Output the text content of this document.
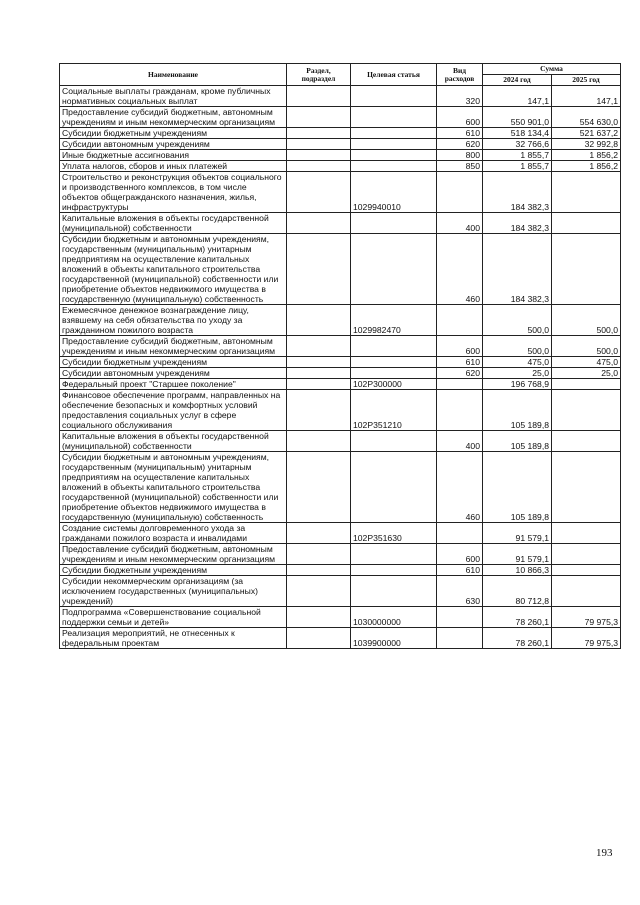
Наименование	Раздел, подраздел	Целевая статья	Вид расходов	Сумма	
				2024 год	2025 год
Социальные выплаты гражданам, кроме публичных нормативных социальных выплат			320	147,1	147,1
Предоставление субсидий бюджетным, автономным учреждениям и иным некоммерческим организациям			600	550 901,0	554 630,0
Субсидии бюджетным учреждениям			610	518 134,4	521 637,2
Субсидии автономным учреждениям			620	32 766,6	32 992,8
Иные бюджетные ассигнования			800	1 855,7	1 856,2
Уплата налогов, сборов и иных платежей			850	1 855,7	1 856,2
Строительство и реконструкция объектов социального и производственного комплексов, в том числе объектов общегражданского назначения, жилья, инфраструктуры		1029940010		184 382,3	
Капитальные вложения в объекты государственной (муниципальной) собственности			400	184 382,3	
Субсидии бюджетным и автономным учреждениям, государственным (муниципальным) унитарным предприятиям на осуществление капитальных вложений в объекты капитального строительства государственной (муниципальной) собственности или приобретение объектов недвижимого имущества в государственную (муниципальную) собственность			460	184 382,3	
Ежемесячное денежное вознаграждение лицу, взявшему на себя обязательства по уходу за гражданином пожилого возраста		1029982470		500,0	500,0
Предоставление субсидий бюджетным, автономным учреждениям и иным некоммерческим организациям			600	500,0	500,0
Субсидии бюджетным учреждениям			610	475,0	475,0
Субсидии автономным учреждениям			620	25,0	25,0
Федеральный проект "Старшее поколение"		102P300000		196 768,9	
Финансовое обеспечение программ, направленных на обеспечение безопасных и комфортных условий предоставления социальных услуг в сфере социального обслуживания		102P351210		105 189,8	
Капитальные вложения в объекты государственной (муниципальной) собственности			400	105 189,8	
Субсидии бюджетным и автономным учреждениям, государственным (муниципальным) унитарным предприятиям на осуществление капитальных вложений в объекты капитального строительства государственной (муниципальной) собственности или приобретение объектов недвижимого имущества в государственную (муниципальную) собственность			460	105 189,8	
Создание системы долговременного ухода за гражданами пожилого возраста и инвалидами		102P351630		91 579,1	
Предоставление субсидий бюджетным, автономным учреждениям и иным некоммерческим организациям			600	91 579,1	
Субсидии бюджетным учреждениям			610	10 866,3	
Субсидии некоммерческим организациям (за исключением государственных (муниципальных) учреждений)			630	80 712,8	
Подпрограмма «Совершенствование социальной поддержки семьи и детей»		1030000000		78 260,1	79 975,3
Реализация мероприятий, не отнесенных к федеральным проектам		1039900000		78 260,1	79 975,3
193
